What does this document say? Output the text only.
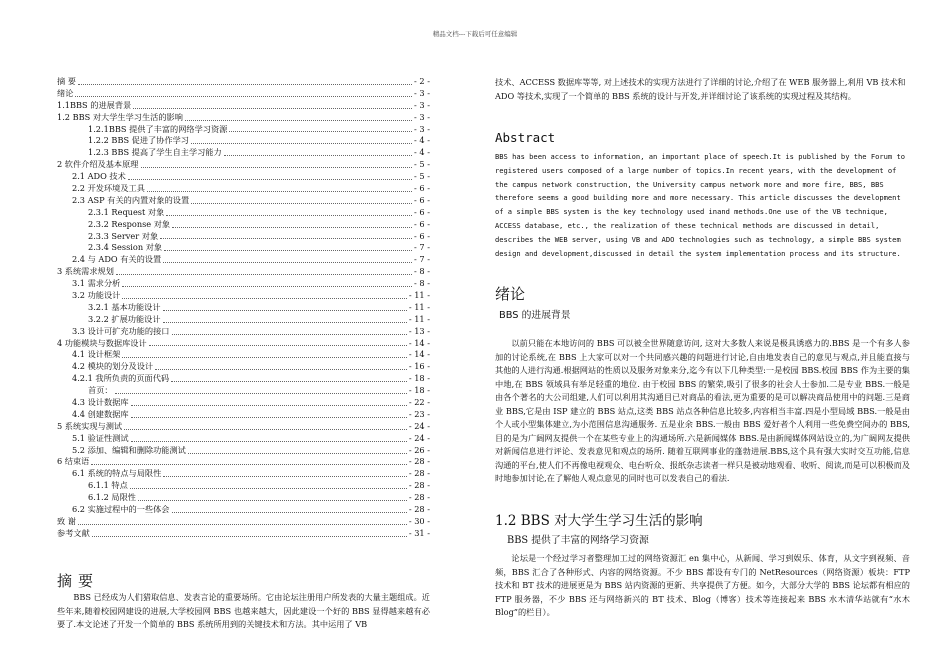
精品文档---下载后可任意编辑
摘 要	- 2 -
绪论	- 3 -
1.1BBS 的进展背景	- 3 -
1.2 BBS 对大学生学习生活的影响	- 3 -
1.2.1BBS 提供了丰富的网络学习资源	- 3 -
1.2.2 BBS 促进了协作学习	- 4 -
1.2.3 BBS 提高了学生自主学习能力	- 4 -
2 软件介绍及基本原理	- 5 -
2.1 ADO 技术	- 5 -
2.2 开发环境及工具	- 6 -
2.3 ASP 有关的内置对象的设置	- 6 -
2.3.1 Request 对象	- 6 -
2.3.2 Response 对象	- 6 -
2.3.3 Server 对象	- 6 -
2.3.4 Session 对象	- 7 -
2.4 与 ADO 有关的设置	- 7 -
3 系统需求规划	- 8 -
3.1 需求分析	- 8 -
3.2 功能设计	- 11 -
3.2.1 基本功能设计	- 11 -
3.2.2 扩展功能设计	- 11 -
3.3 设计可扩充功能的接口	- 13 -
4 功能模块与数据库设计	- 14 -
4.1 设计框架	- 14 -
4.2 模块的划分及设计	- 16 -
4.2.1 我所负责的页面代码	- 18 -
首页：	- 18 -
4.3 设计数据库	- 22 -
4.4 创建数据库	- 23 -
5 系统实现与测试	- 24 -
5.1 验证性测试	- 24 -
5.2 添加、编辑和删除功能测试	- 26 -
6 结束语	- 28 -
6.1 系统的特点与局限性	- 28 -
6.1.1 特点	- 28 -
6.1.2 局限性	- 28 -
6.2 实施过程中的一些体会	- 28 -
致 谢	- 30 -
参考文献	- 31 -
摘要
BBS 已经成为人们猎取信息、发表言论的重要场所。它由论坛注册用户所发表的大量主题组成。近些年来,随着校园网建设的进展,大学校园网 BBS 也越来越大，因此建设一个好的 BBS 显得越来越有必要了.本文论述了开发一个简单的 BBS 系统所用到的关键技术和方法。其中运用了 VB
技术、ACCESS 数据库等等, 对上述技术的实现方法进行了详细的讨论,介绍了在 WEB 服务器上,利用 VB 技术和 ADO 等技术,实现了一个简单的 BBS 系统的设计与开发,并详细讨论了该系统的实现过程及其结构。
Abstract
BBS has been access to information, an important place of speech.It is published by the Forum to registered users composed of a large number of topics.In recent years, with the development of the campus network construction, the University campus network more and more fire, BBS, BBS therefore seems a good building more and more necessary. This article discusses the development of a simple BBS system is the key technology used inand methods.One use of the VB technique, ACCESS database, etc., the realization of these technical methods are discussed in detail, describes the WEB server, using VB and ADO technologies such as technology, a simple BBS system design and development,discussed in detail the system implementation process and its structure.
绪论
BBS 的进展背景
以前只能在本地访问的 BBS 可以被全世界随意访问, 这对大多数人来说是极具诱惑力的.BBS 是一个有多人参加的讨论系统,在 BBS 上大家可以对一个共同感兴趣的问题进行讨论,自由地发表自己的意见与观点,并且能直接与其他的人进行沟通.根据网站的性质以及服务对象来分,迄今有以下几种类型:一是校园 BBS.校园 BBS 作为主要的集中地,在 BBS 领域具有举足轻重的地位. 由于校园 BBS 的繁荣,吸引了很多的社会人士参加.二是专业 BBS.一般是由各个著名的大公司组建,人们可以利用其沟通目已对商品的看法,更为重要的是可以解决商品使用中的问题.三是商业 BBS,它是由 ISP 建立的 BBS 站点,这类 BBS 站点各种信息比较多,内容相当丰富.四是小型局域 BBS.一般是由个人或小型集体建立,为小范围信息沟通服务. 五是业余 BBS.一般由 BBS 爱好者个人利用一些免费空间办的 BBS, 目的是为广阔网友提供一个在某些专业上的沟通场所.六是新闻媒体 BBS.是由新闻媒体网站设立的,为广阔网友提供对新闻信息进行评论、发表意见和观点的场所. 随着互联网事业的蓬勃进展.BBS,这个具有强大实时交互功能,信息沟通的平台,使人们不再像电视观众、电台听众、报纸杂志读者一样只是被动地观看、收听、阅读,而是可以积极而及时地参加讨论,在了解他人观点意见的同时也可以发表自己的看法.
1.2 BBS 对大学生学习生活的影响
BBS 提供了丰富的网络学习资源
论坛是一个经过学习者整理加工过的网络资源汇 en 集中心，从新闻、学习到娱乐、体育，从文字到视频、音频，BBS 汇合了各种形式、内容的网络资源。不少 BBS 都设有专门的 NetResources（网络资源）板块：FTP 技术和 BT 技术的进展更是为 BBS 站内资源的更新、共享提供了方便。如今，大部分大学的 BBS 论坛都有相应的 FTP 服务器，不少 BBS 还与网络新兴的 BT 技术、Blog（博客）技术等连接起来 BBS 水木清华站就有“水木 Blog”的栏目）。
